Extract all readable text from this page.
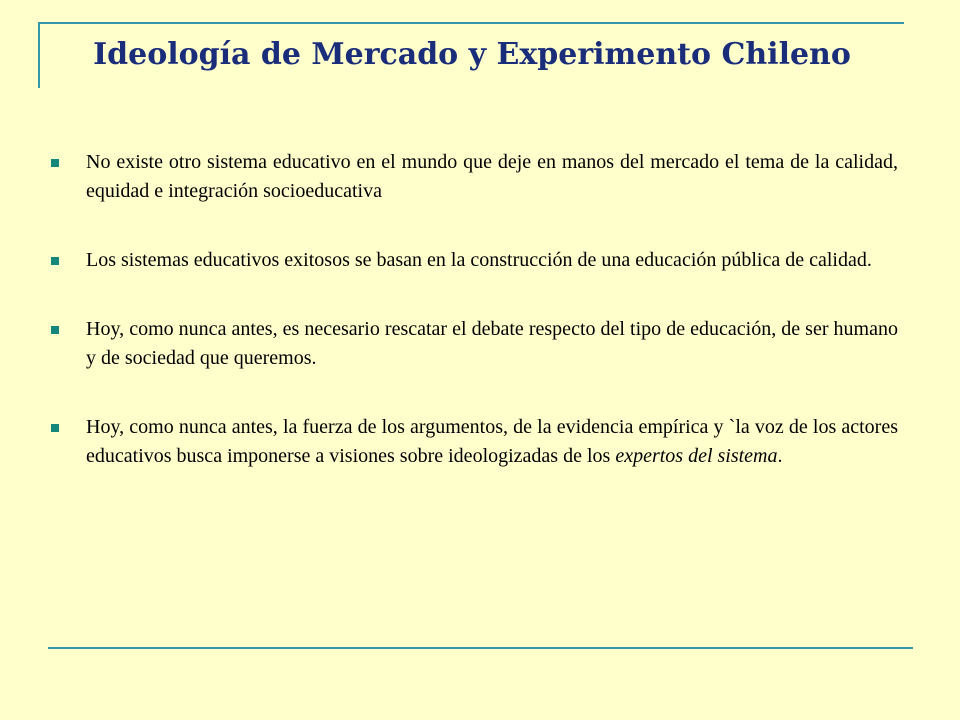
Ideología de Mercado y Experimento Chileno
No existe otro sistema educativo en el mundo que deje en manos del mercado el tema de la calidad, equidad e integración socioeducativa
Los sistemas educativos exitosos se basan en la construcción de una educación pública de calidad.
Hoy, como nunca antes, es necesario rescatar el debate respecto del tipo de educación, de ser humano y de sociedad que queremos.
Hoy, como nunca antes, la fuerza de los argumentos, de la evidencia empírica y `la voz de los actores educativos busca imponerse a visiones sobre ideologizadas de los expertos del sistema.
